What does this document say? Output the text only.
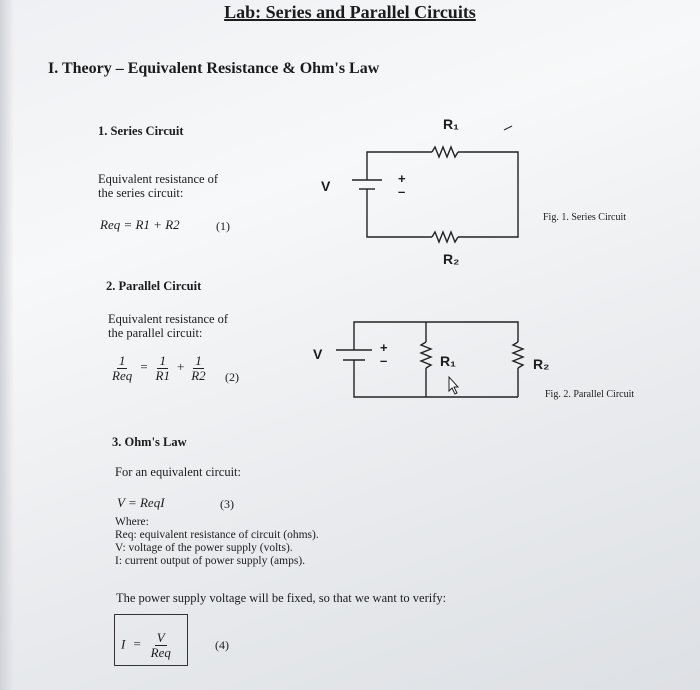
Lab: Series and Parallel Circuits
I. Theory – Equivalent Resistance & Ohm's Law
1. Series Circuit
Equivalent resistance of
the series circuit:
Req = R1 + R2	(1)
R₁
R₂
V	+
–
Fig. 1. Series Circuit
2. Parallel Circuit
Equivalent resistance of
the parallel circuit:
$\frac{1}{\text{Req}} = \frac{1}{R1} + \frac{1}{R2} (2)$
V	+
–	R₁	R₂
Fig. 2. Parallel Circuit
3. Ohm's Law
For an equivalent circuit:
V = ReqI	(3)
Where:
Req: equivalent resistance of circuit (ohms).
V: voltage of the power supply (volts).
I: current output of power supply (amps).
The power supply voltage will be fixed, so that we want to verify:
$I = \frac{V}{\text{Req}}$	(4)
